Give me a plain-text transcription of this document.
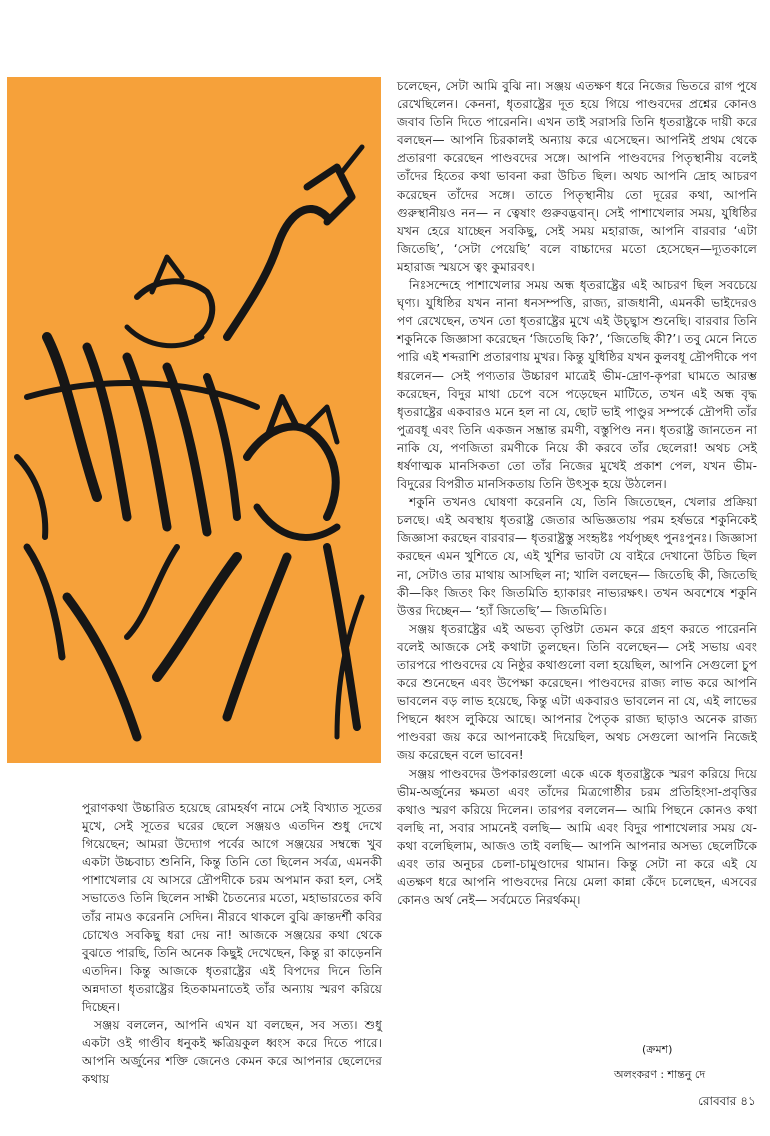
চলেছেন, সেটা আমি বুঝি না। সঞ্জয় এতক্ষণ ধরে নিজের ভিতরে রাগ পুষে রেখেছিলেন। কেননা, ধৃতরাষ্ট্রের দূত হয়ে গিয়ে পাণ্ডবদের প্রশ্নের কোনও জবাব তিনি দিতে পারেননি। এখন তাই সরাসরি তিনি ধৃতরাষ্ট্রকে দায়ী করে বলছেন— আপনি চিরকালই অন্যায় করে এসেছেন। আপনিই প্রথম থেকে প্রতারণা করেছেন পাণ্ডবদের সঙ্গে। আপনি পাণ্ডবদের পিতৃস্থানীয় বলেই তাঁদের হিতের কথা ভাবনা করা উচিত ছিল। অথচ আপনি দ্রোহ আচরণ করেছেন তাঁদের সঙ্গে। তাতে পিতৃস্থানীয় তো দূরের কথা, আপনি গুরুস্থানীয়ও নন— ন ত্বেষাং গুরুবদ্ভবান্। সেই পাশাখেলার সময়, যুধিষ্ঠির যখন হেরে যাচ্ছেন সবকিছু, সেই সময় মহারাজ, আপনি বারবার ‘এটা জিতেছি’, ‘সেটা পেয়েছি’ বলে বাচ্চাদের মতো হেসেছেন—দ্যূতকালে মহারাজ স্ময়সে ত্বং কুমারবৎ।

নিঃসন্দেহে পাশাখেলার সময় অন্ধ ধৃতরাষ্ট্রের এই আচরণ ছিল সবচেয়ে ঘৃণ্য। যুধিষ্ঠির যখন নানা ধনসম্পত্তি, রাজ্য, রাজধানী, এমনকী ভাইদেরও পণ রেখেছেন, তখন তো ধৃতরাষ্ট্রের মুখে এই উচ্ছ্বাস শুনেছি। বারবার তিনি শকুনিকে জিজ্ঞাসা করেছেন ‘জিতেছি কি?’, ‘জিতেছি কী?’। তবু মেনে নিতে পারি এই শব্দরাশি প্রতারণায় মুখর। কিন্তু যুধিষ্ঠির যখন কুলবধূ দ্রৌপদীকে পণ ধরলেন— সেই পণ্যতার উচ্চারণ মাত্রেই ভীম-দ্রোণ-কৃপরা ঘামতে আরম্ভ করেছেন, বিদুর মাথা চেপে বসে পড়েছেন মাটিতে, তখন এই অন্ধ বৃদ্ধ ধৃতরাষ্ট্রের একবারও মনে হল না যে, ছোট ভাই পাণ্ডুর সম্পর্কে দ্রৌপদী তাঁর পুত্রবধূ এবং তিনি একজন সম্ভ্রান্ত রমণী, বস্তুপিণ্ড নন। ধৃতরাষ্ট্র জানতেন না নাকি যে, পণজিতা রমণীকে নিয়ে কী করবে তাঁর ছেলেরা! অথচ সেই ধর্ষণাত্মক মানসিকতা তো তাঁর নিজের মুখেই প্রকাশ পেল, যখন ভীম-বিদুরের বিপরীত মানসিকতায় তিনি উৎসুক হয়ে উঠলেন।

শকুনি তখনও ঘোষণা করেননি যে, তিনি জিতেছেন, খেলার প্রক্রিয়া চলছে। এই অবস্থায় ধৃতরাষ্ট্র জেতার অভিজ্ঞতায় পরম হর্ষভরে শকুনিকেই জিজ্ঞাসা করছেন বারবার— ধৃতরাষ্ট্রস্তু সংহৃষ্টঃ পর্যপৃচ্ছৎ পুনঃপুনঃ। জিজ্ঞাসা করছেন এমন খুশিতে যে, এই খুশির ভাবটা যে বাইরে দেখানো উচিত ছিল না, সেটাও তার মাথায় আসছিল না; খালি বলছেন— জিতেছি কী, জিতেছি কী—কিং জিতং কিং জিতমিতি হ্যাকারং নাভ্যরক্ষৎ। তখন অবশেষে শকুনি উত্তর দিচ্ছেন— ‘হ্যাঁ জিতেছি’— জিতমিতি।

সঞ্জয় ধৃতরাষ্ট্রের এই অভব্য তৃপ্তিটা তেমন করে গ্রহণ করতে পারেননি বলেই আজকে সেই কথাটা তুলছেন। তিনি বলেছেন— সেই সভায় এবং তারপরে পাণ্ডবদের যে নিষ্ঠুর কথাগুলো বলা হয়েছিল, আপনি সেগুলো চুপ করে শুনেছেন এবং উপেক্ষা করেছেন। পাণ্ডবদের রাজ্য লাভ করে আপনি ভাবলেন বড় লাভ হয়েছে, কিন্তু এটা একবারও ভাবলেন না যে, এই লাভের পিছনে ধ্বংস লুকিয়ে আছে। আপনার পৈতৃক রাজ্য ছাড়াও অনেক রাজ্য পাণ্ডবরা জয় করে আপনাকেই দিয়েছিল, অথচ সেগুলো আপনি নিজেই জয় করেছেন বলে ভাবেন!

সঞ্জয় পাণ্ডবদের উপকারগুলো একে একে ধৃতরাষ্ট্রকে স্মরণ করিয়ে দিয়ে ভীম-অর্জুনের ক্ষমতা এবং তাঁদের মিত্রগোষ্ঠীর চরম প্রতিহিংসা-প্রবৃত্তির কথাও স্মরণ করিয়ে দিলেন। তারপর বললেন— আমি পিছনে কোনও কথা বলছি না, সবার সামনেই বলছি— আমি এবং বিদুর পাশাখেলার সময় যে-কথা বলেছিলাম, আজও তাই বলছি— আপনি আপনার অসভ্য ছেলেটিকে এবং তার অনুচর চেলা-চামুণ্ডাদের থামান। কিন্তু সেটা না করে এই যে এতক্ষণ ধরে আপনি পাণ্ডবদের নিয়ে মেলা কান্না কেঁদে চলেছেন, এসবের কোনও অর্থ নেই— সর্বমেতে নিরর্থকম্।

পুরাণকথা উচ্চারিত হয়েছে রোমহর্ষণ নামে সেই বিখ্যাত সূতের মুখে, সেই সূতের ঘরের ছেলে সঞ্জয়ও এতদিন শুধু দেখে গিয়েছেন; আমরা উদ্যোগ পর্বের আগে সঞ্জয়ের সম্বন্ধে খুব একটা উচ্চবাচ্য শুনিনি, কিন্তু তিনি তো ছিলেন সর্বত্র, এমনকী পাশাখেলার যে আসরে দ্রৌপদীকে চরম অপমান করা হল, সেই সভাতেও তিনি ছিলেন সাক্ষী চৈতন্যের মতো, মহাভারতের কবি তাঁর নামও করেননি সেদিন। নীরবে থাকলে বুঝি ক্রান্তদর্শী কবির চোখেও সবকিছু ধরা দেয় না! আজকে সঞ্জয়ের কথা থেকে বুঝতে পারছি, তিনি অনেক কিছুই দেখেছেন, কিন্তু রা কাড়েননি এতদিন। কিন্তু আজকে ধৃতরাষ্ট্রের এই বিপদের দিনে তিনি অন্নদাতা ধৃতরাষ্ট্রের হিতকামনাতেই তাঁর অন্যায় স্মরণ করিয়ে দিচ্ছেন।

সঞ্জয় বললেন, আপনি এখন যা বলছেন, সব সত্য। শুধু একটা ওই গাণ্ডীব ধনুকই ক্ষত্রিয়কুল ধ্বংস করে দিতে পারে। আপনি অর্জুনের শক্তি জেনেও কেমন করে আপনার ছেলেদের কথায়

(ক্রমশ)
অলংকরণ : শান্তনু দে
রোববার ৪১
